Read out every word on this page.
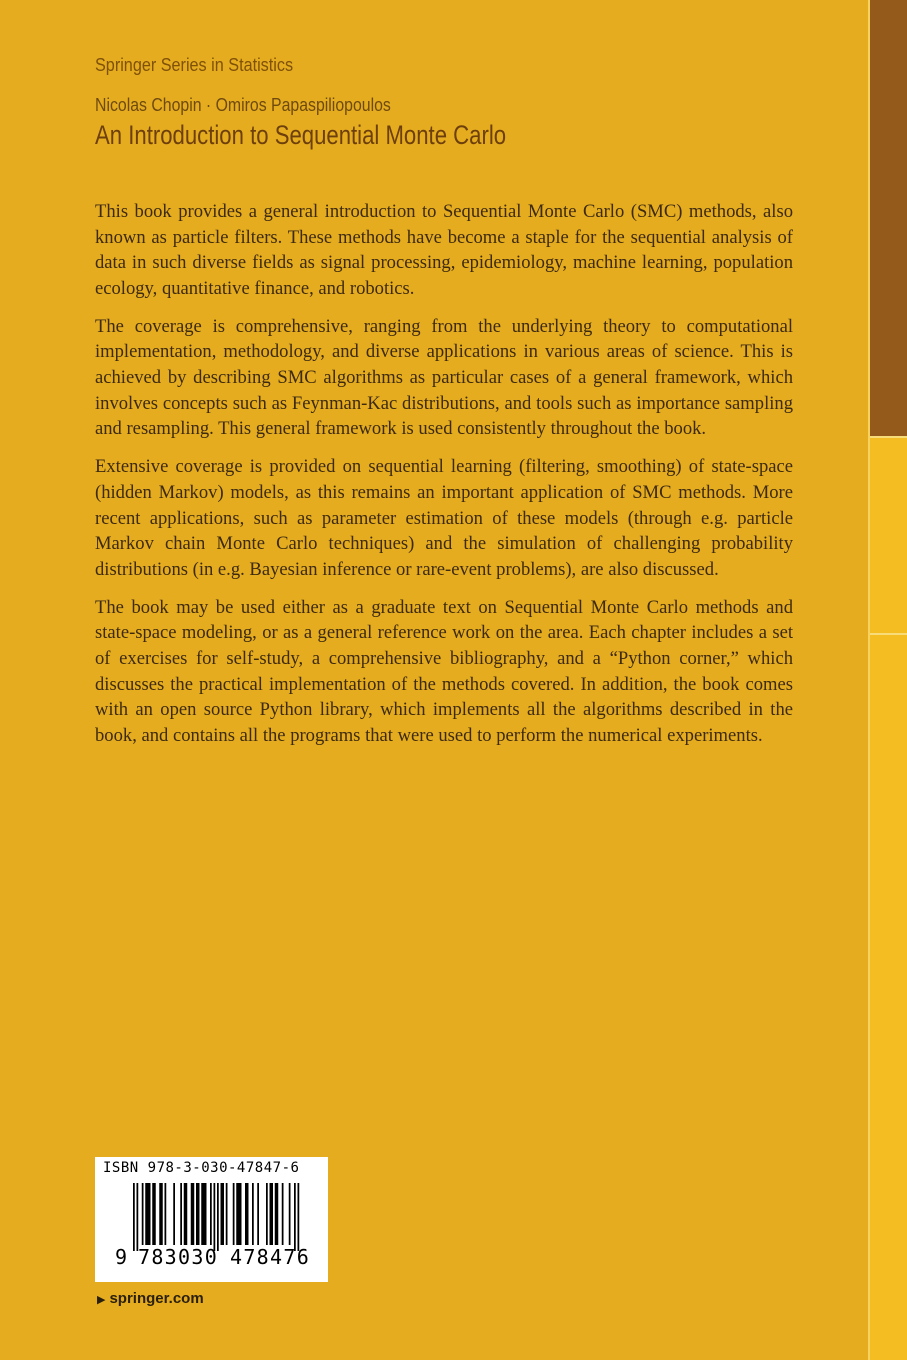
Springer Series in Statistics
Nicolas Chopin · Omiros Papaspiliopoulos
An Introduction to Sequential Monte Carlo

This book provides a general introduction to Sequential Monte Carlo (SMC) methods, also known as particle filters. These methods have become a staple for the sequential analysis of data in such diverse fields as signal processing, epidemiology, machine learning, population ecology, quantitative finance, and robotics.

The coverage is comprehensive, ranging from the underlying theory to computational implementation, methodology, and diverse applications in various areas of science. This is achieved by describing SMC algorithms as particular cases of a general framework, which involves concepts such as Feynman-Kac distributions, and tools such as importance sampling and resampling. This general framework is used consistently throughout the book.

Extensive coverage is provided on sequential learning (filtering, smoothing) of state-space (hidden Markov) models, as this remains an important application of SMC methods. More recent applications, such as parameter estimation of these models (through e.g. particle Markov chain Monte Carlo techniques) and the simulation of challenging probability distributions (in e.g. Bayesian inference or rare-event problems), are also discussed.

The book may be used either as a graduate text on Sequential Monte Carlo methods and state-space modeling, or as a general reference work on the area. Each chapter includes a set of exercises for self-study, a comprehensive bibliography, and a “Python corner,” which discusses the practical implementation of the methods covered. In addition, the book comes with an open source Python library, which implements all the algorithms described in the book, and contains all the programs that were used to perform the numerical experiments.

ISBN 978-3-030-47847-6
9 783030 478476
▶ springer.com
